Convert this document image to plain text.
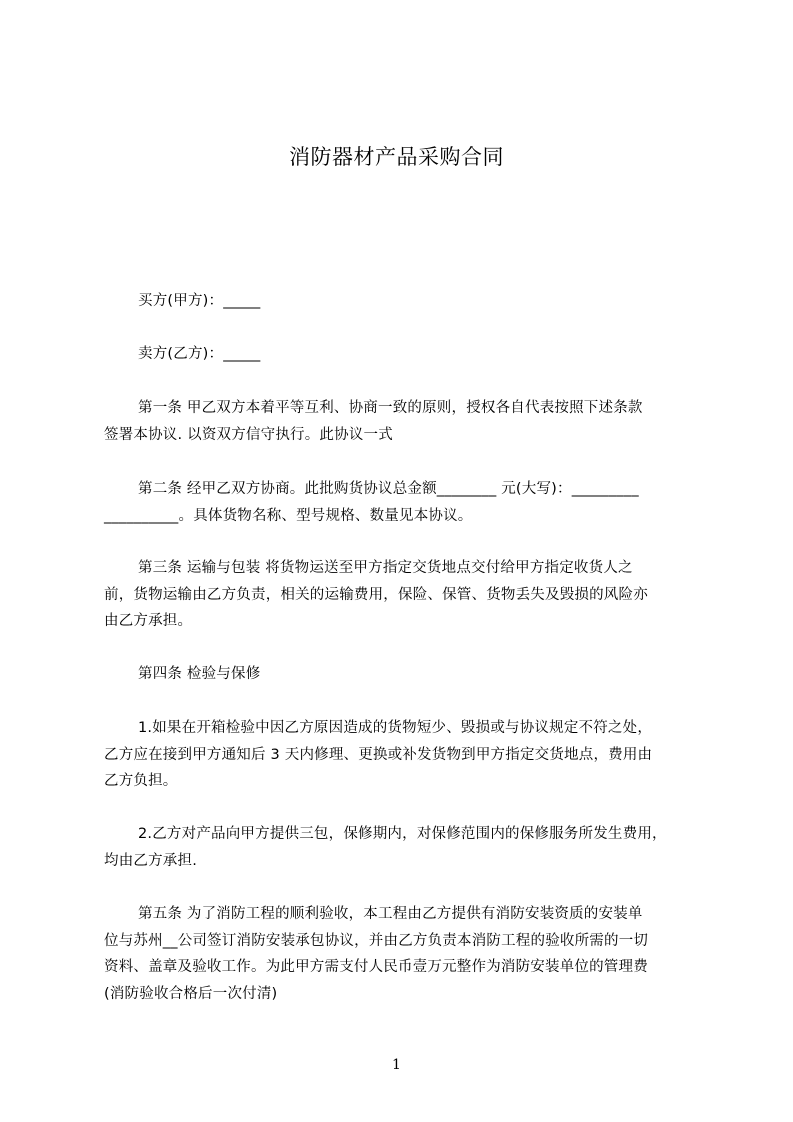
消防器材产品采购合同
买方(甲方)：_____
卖方(乙方)：_____
第一条 甲乙双方本着平等互利、协商一致的原则，授权各自代表按照下述条款
签署本协议. 以资双方信守执行。此协议一式
第二条 经甲乙双方协商。此批购货协议总金额________ 元(大写)：_________
__________。具体货物名称、型号规格、数量见本协议。
第三条 运输与包装 将货物运送至甲方指定交货地点交付给甲方指定收货人之
前，货物运输由乙方负责，相关的运输费用，保险、保管、货物丢失及毁损的风险亦
由乙方承担。
第四条 检验与保修
1.如果在开箱检验中因乙方原因造成的货物短少、毁损或与协议规定不符之处，
乙方应在接到甲方通知后 3 天内修理、更换或补发货物到甲方指定交货地点，费用由
乙方负担。
2.乙方对产品向甲方提供三包，保修期内，对保修范围内的保修服务所发生费用，
均由乙方承担.
第五条 为了消防工程的顺利验收，本工程由乙方提供有消防安装资质的安装单
位与苏州__公司签订消防安装承包协议，并由乙方负责本消防工程的验收所需的一切
资料、盖章及验收工作。为此甲方需支付人民币壹万元整作为消防安装单位的管理费
(消防验收合格后一次付清)
1
